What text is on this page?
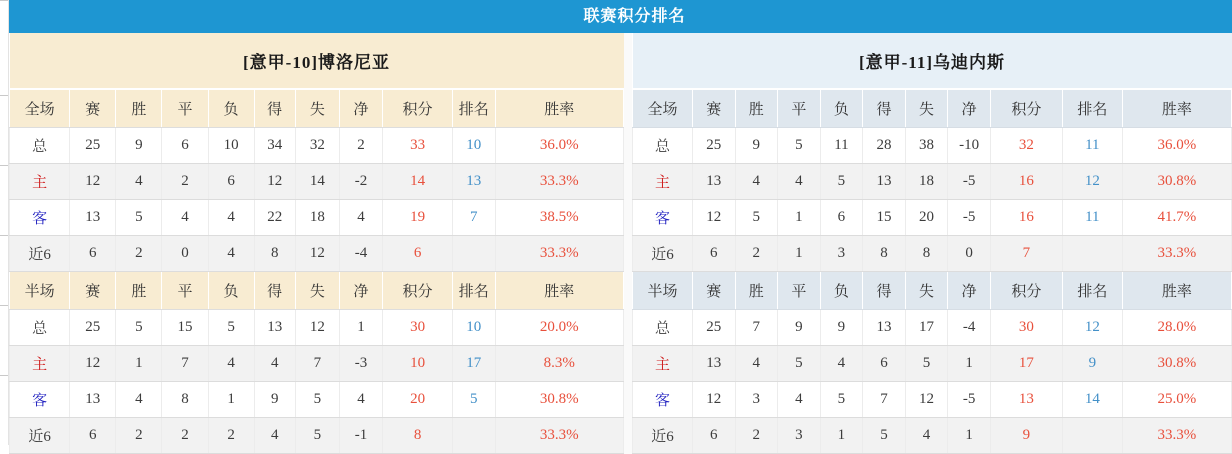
联赛积分排名
[意甲-10]博洛尼亚										
全场	赛	胜	平	负	得	失	净	积分	排名	胜率
总	25	9	6	10	34	32	2	33	10	36.0%
主	12	4	2	6	12	14	-2	14	13	33.3%
客	13	5	4	4	22	18	4	19	7	38.5%
近6	6	2	0	4	8	12	-4	6		33.3%
半场	赛	胜	平	负	得	失	净	积分	排名	胜率
总	25	5	15	5	13	12	1	30	10	20.0%
主	12	1	7	4	4	7	-3	10	17	8.3%
客	13	4	8	1	9	5	4	20	5	30.8%
近6	6	2	2	2	4	5	-1	8		33.3%
[意甲-11]乌迪内斯										
全场	赛	胜	平	负	得	失	净	积分	排名	胜率
总	25	9	5	11	28	38	-10	32	11	36.0%
主	13	4	4	5	13	18	-5	16	12	30.8%
客	12	5	1	6	15	20	-5	16	11	41.7%
近6	6	2	1	3	8	8	0	7		33.3%
半场	赛	胜	平	负	得	失	净	积分	排名	胜率
总	25	7	9	9	13	17	-4	30	12	28.0%
主	13	4	5	4	6	5	1	17	9	30.8%
客	12	3	4	5	7	12	-5	13	14	25.0%
近6	6	2	3	1	5	4	1	9		33.3%
